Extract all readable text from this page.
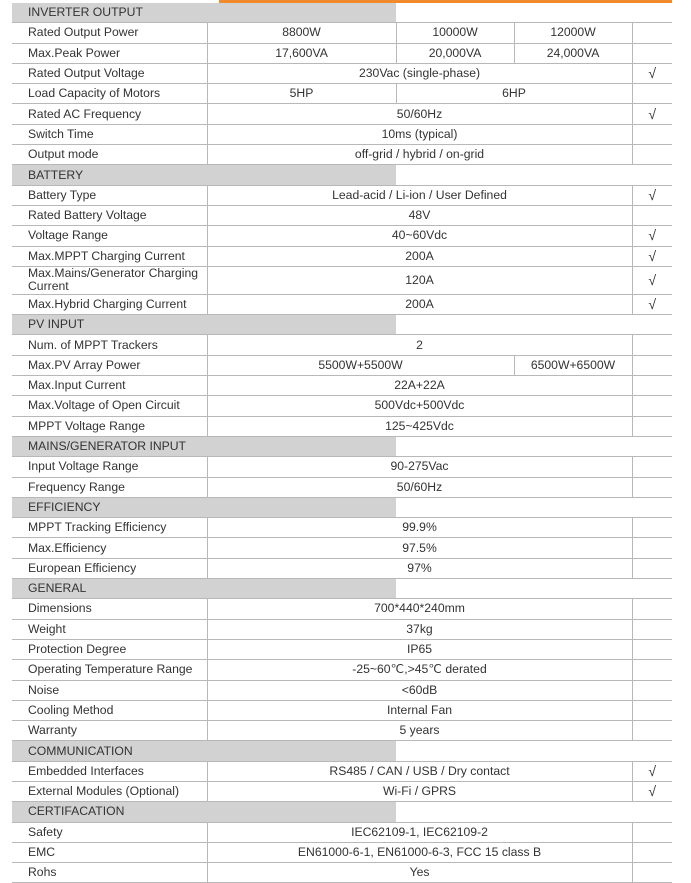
INVERTER OUTPUT				
Rated Output Power	8800W	10000W	12000W	
Max.Peak Power	17,600VA	20,000VA	24,000VA	
Rated Output Voltage	230Vac (single-phase)			√
Load Capacity of Motors	5HP	6HP		
Rated AC Frequency	50/60Hz			√
Switch Time	10ms (typical)			
Output mode	off-grid / hybrid / on-grid			
BATTERY				
Battery Type	Lead-acid / Li-ion / User Defined			√
Rated Battery Voltage	48V			
Voltage Range	40~60Vdc			√
Max.MPPT Charging Current	200A			√
Max.Mains/Generator Charging Current	120A			√
Max.Hybrid Charging Current	200A			√
PV INPUT				
Num. of MPPT Trackers	2			
Max.PV Array Power	5500W+5500W		6500W+6500W	
Max.Input Current	22A+22A			
Max.Voltage of Open Circuit	500Vdc+500Vdc			
MPPT Voltage Range	125~425Vdc			
MAINS/GENERATOR INPUT				
Input Voltage Range	90-275Vac			
Frequency Range	50/60Hz			
EFFICIENCY				
MPPT Tracking Efficiency	99.9%			
Max.Efficiency	97.5%			
European Efficiency	97%			
GENERAL				
Dimensions	700*440*240mm			
Weight	37kg			
Protection Degree	IP65			
Operating Temperature Range	-25~60℃,>45℃ derated			
Noise	<60dB			
Cooling Method	Internal Fan			
Warranty	5 years			
COMMUNICATION				
Embedded Interfaces	RS485 / CAN / USB / Dry contact			√
External Modules (Optional)	Wi-Fi / GPRS			√
CERTIFACATION				
Safety	IEC62109-1, IEC62109-2			
EMC	EN61000-6-1, EN61000-6-3, FCC 15 class B			
Rohs	Yes			
